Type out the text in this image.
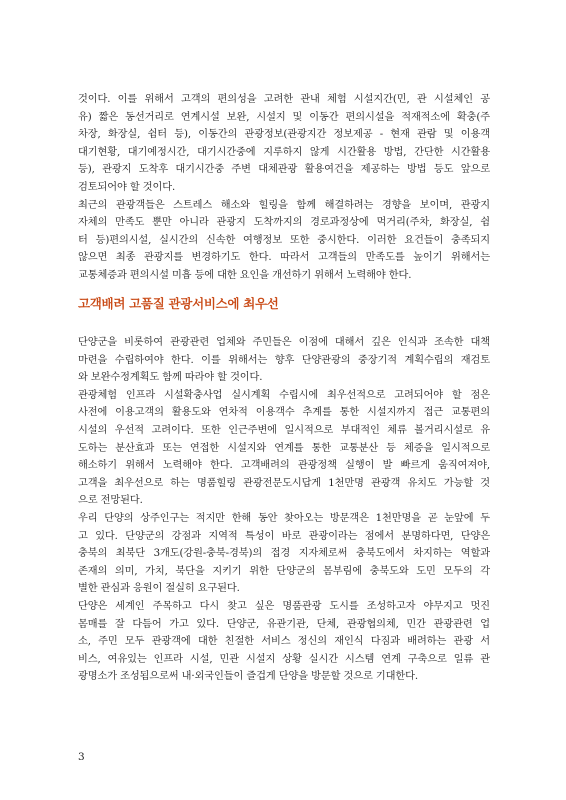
것이다. 이를 위해서 고객의 편의성을 고려한 관내 체험 시설지간(민, 관 시설체인 공
유) 짧은 동선거리로 연계시설 보완, 시설지 및 이동간 편의시설을 적재적소에 확충(주
차장, 화장실, 쉼터 등), 이동간의 관광정보(관광지간 정보제공 - 현재 관람 및 이용객
대기현황, 대기예정시간, 대기시간중에 지루하지 않게 시간활용 방법, 간단한 시간활용
등), 관광지 도착후 대기시간중 주변 대체관광 활용여건을 제공하는 방법 등도 앞으로
검토되어야 할 것이다.
최근의 관광객들은 스트레스 해소와 힐링을 함께 해결하려는 경향을 보이며, 관광지
자체의 만족도 뿐만 아니라 관광지 도착까지의 경로과정상에 먹거리(주차, 화장실, 쉼
터 등)편의시설, 실시간의 신속한 여행정보 또한 중시한다. 이러한 요건들이 충족되지
않으면 최종 관광지를 변경하기도 한다. 따라서 고객들의 만족도를 높이기 위해서는
교통체증과 편의시설 미흡 등에 대한 요인을 개선하기 위해서 노력해야 한다.
고객배려 고품질 관광서비스에 최우선
단양군을 비롯하여 관광관련 업체와 주민들은 이점에 대해서 깊은 인식과 조속한 대책
마련을 수립하여야 한다. 이를 위해서는 향후 단양관광의 중장기적 계획수립의 재검토
와 보완수정계획도 함께 따라야 할 것이다.
관광체험 인프라 시설확충사업 실시계획 수립시에 최우선적으로 고려되어야 할 점은
사전에 이용고객의 활용도와 연차적 이용객수 추계를 통한 시설지까지 접근 교통편의
시설의 우선적 고려이다. 또한 인근주변에 일시적으로 부대적인 체류 볼거리시설로 유
도하는 분산효과 또는 연접한 시설지와 연계를 통한 교통분산 등 체증을 일시적으로
해소하기 위해서 노력해야 한다. 고객배려의 관광정책 실행이 발 빠르게 움직여져야,
고객을 최우선으로 하는 명품힐링 관광전문도시답게 1천만명 관광객 유치도 가능할 것
으로 전망된다.
우리 단양의 상주인구는 적지만 한해 동안 찾아오는 방문객은 1천만명을 곧 눈앞에 두
고 있다. 단양군의 강점과 지역적 특성이 바로 관광이라는 점에서 분명하다면, 단양은
충북의 최북단 3개도(강원-충북-경북)의 접경 지자체로써 충북도에서 차지하는 역할과
존재의 의미, 가치, 북단을 지키기 위한 단양군의 몸부림에 충북도와 도민 모두의 각
별한 관심과 응원이 절실히 요구된다.
단양은 세계인 주목하고 다시 찾고 싶은 명품관광 도시를 조성하고자 야무지고 멋진
몸매를 잘 다듬어 가고 있다. 단양군, 유관기관, 단체, 관광협의체, 민간 관광관련 업
소, 주민 모두 관광객에 대한 친절한 서비스 정신의 재인식 다짐과 배려하는 관광 서
비스, 여유있는 인프라 시설, 민관 시설지 상황 실시간 시스템 연계 구축으로 일류 관
광명소가 조성됨으로써 내·외국인들이 즐겁게 단양을 방문할 것으로 기대한다.
3
